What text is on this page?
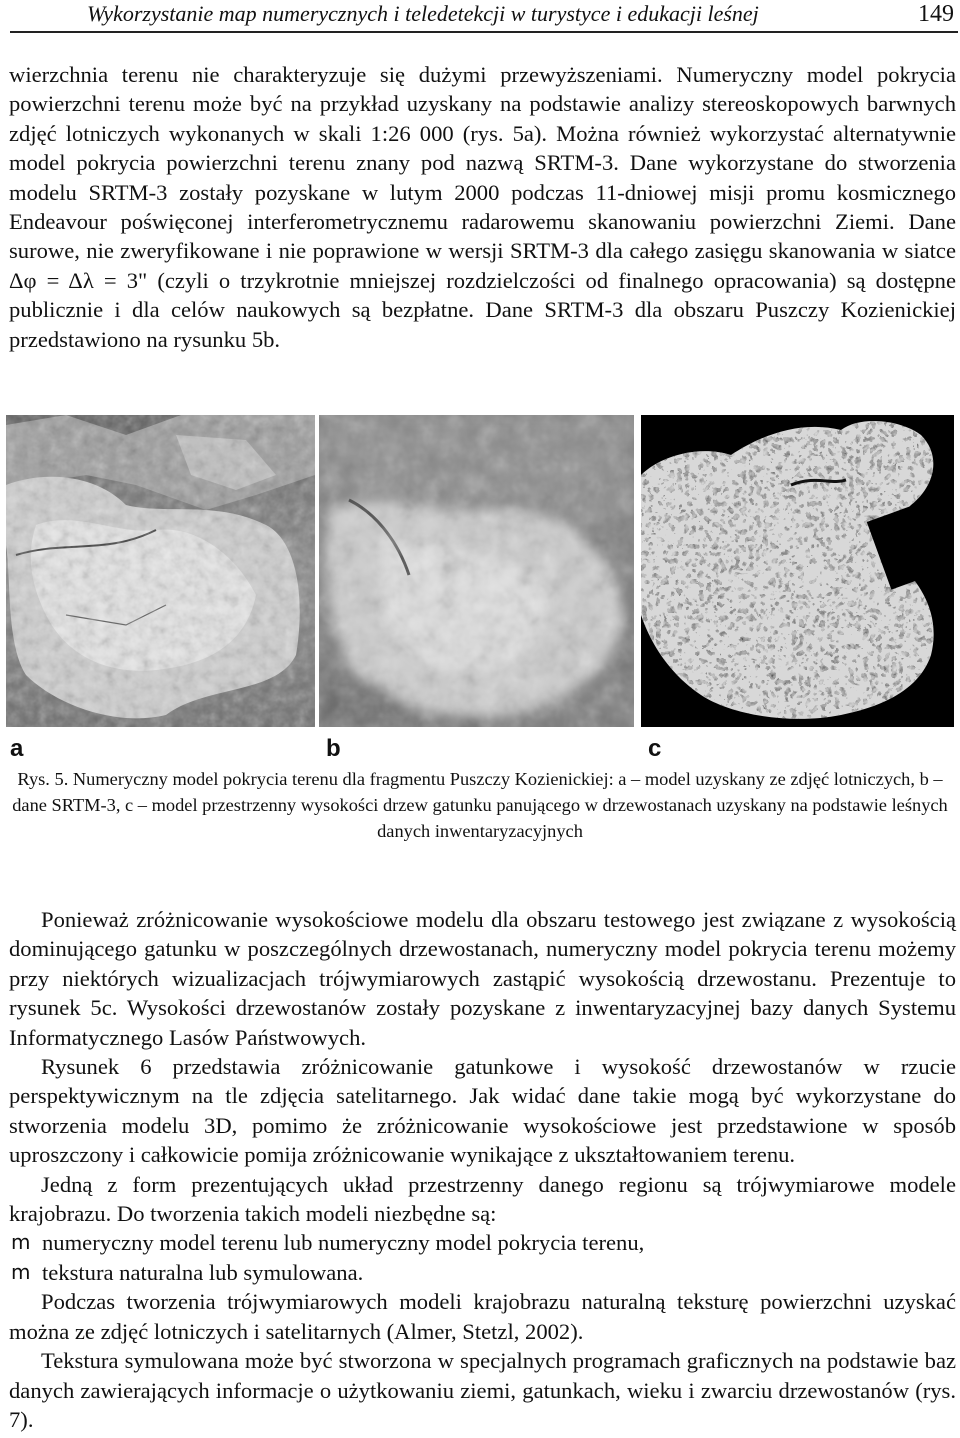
Wykorzystanie map numerycznych i teledetekcji w turystyce i edukacji leśnej	149

wierzchnia terenu nie charakteryzuje się dużymi przewyższeniami. Numeryczny model pokrycia powierzchni terenu może być na przykład uzyskany na podstawie analizy stereoskopowych barwnych zdjęć lotniczych wykonanych w skali 1:26 000 (rys. 5a). Można również wykorzystać alternatywnie model pokrycia powierzchni terenu znany pod nazwą SRTM-3. Dane wykorzystane do stworzenia modelu SRTM-3 zostały pozyskane w lutym 2000 podczas 11-dniowej misji promu kosmicznego Endeavour poświęconej interferometrycznemu radarowemu skanowaniu powierzchni Ziemi. Dane surowe, nie zweryfikowane i nie poprawione w wersji SRTM-3 dla całego zasięgu skanowania w siatce Δφ = Δλ = 3" (czyli o trzykrotnie mniejszej rozdzielczości od finalnego opracowania) są dostępne publicznie i dla celów naukowych są bezpłatne. Dane SRTM-3 dla obszaru Puszczy Kozienickiej przedstawiono na rysunku 5b.

a	b	c
Rys. 5. Numeryczny model pokrycia terenu dla fragmentu Puszczy Kozienickiej: a – model uzyskany ze zdjęć lotniczych, b – dane SRTM-3, c – model przestrzenny wysokości drzew gatunku panującego w drzewostanach uzyskany na podstawie leśnych danych inwentaryzacyjnych

Ponieważ zróżnicowanie wysokościowe modelu dla obszaru testowego jest związane z wysokością dominującego gatunku w poszczególnych drzewostanach, numeryczny model pokrycia terenu możemy przy niektórych wizualizacjach trójwymiarowych zastąpić wysokością drzewostanu. Prezentuje to rysunek 5c. Wysokości drzewostanów zostały pozyskane z inwentaryzacyjnej bazy danych Systemu Informatycznego Lasów Państwowych.

Rysunek 6 przedstawia zróżnicowanie gatunkowe i wysokość drzewostanów w rzucie perspektywicznym na tle zdjęcia satelitarnego. Jak widać dane takie mogą być wykorzystane do stworzenia modelu 3D, pomimo że zróżnicowanie wysokościowe jest przedstawione w sposób uproszczony i całkowicie pomija zróżnicowanie wynikające z ukształtowaniem terenu.

Jedną z form prezentujących układ przestrzenny danego regionu są trójwymiarowe modele krajobrazu. Do tworzenia takich modeli niezbędne są:

m numeryczny model terenu lub numeryczny model pokrycia terenu,
m tekstura naturalna lub symulowana.

Podczas tworzenia trójwymiarowych modeli krajobrazu naturalną teksturę powierzchni uzyskać można ze zdjęć lotniczych i satelitarnych (Almer, Stetzl, 2002).

Tekstura symulowana może być stworzona w specjalnych programach graficznych na podstawie baz danych zawierających informacje o użytkowaniu ziemi, gatunkach, wieku i zwarciu drzewostanów (rys. 7).
